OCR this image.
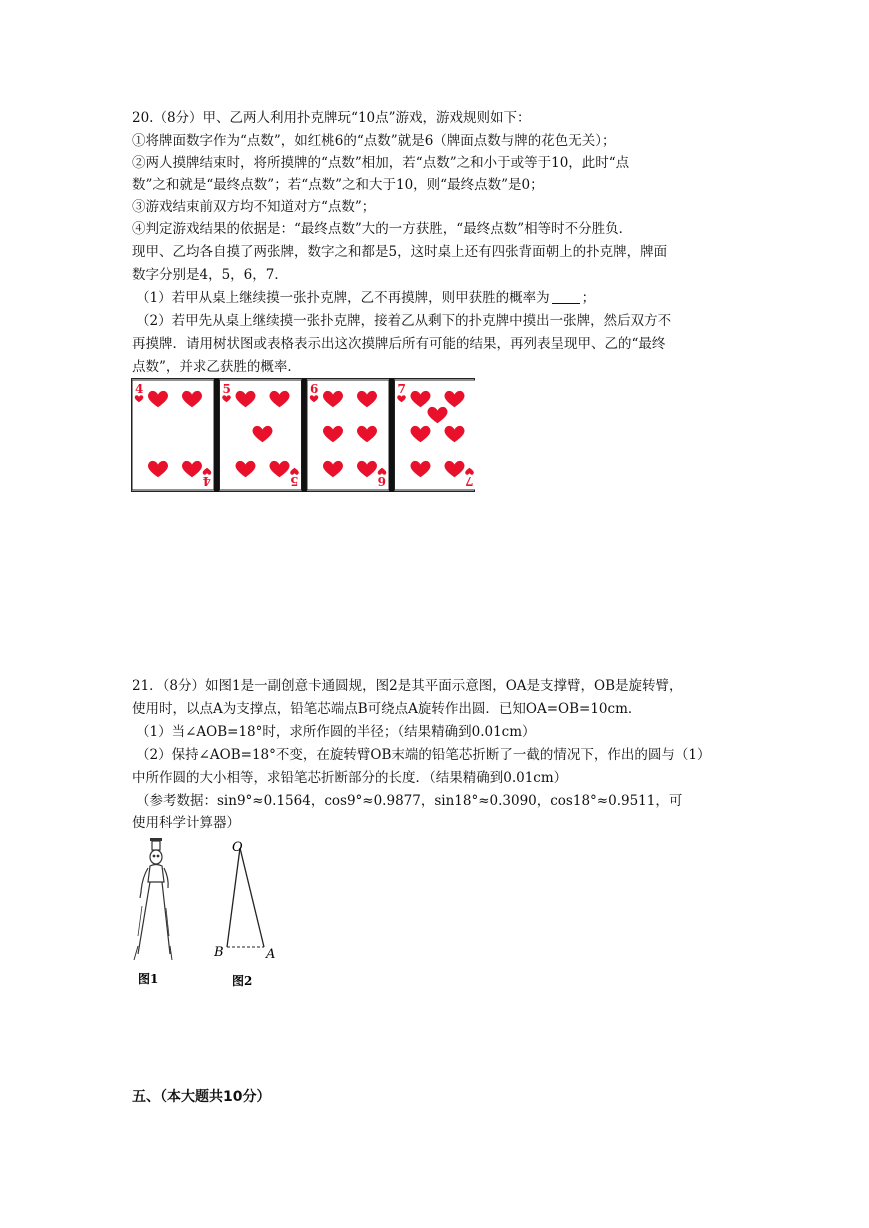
20.（8分）甲、乙两人利用扑克牌玩“10点”游戏，游戏规则如下：
①将牌面数字作为“点数”，如红桃6的“点数”就是6（牌面点数与牌的花色无关）；
②两人摸牌结束时，将所摸牌的“点数”相加，若“点数”之和小于或等于10，此时“点
数”之和就是“最终点数”；若“点数”之和大于10，则“最终点数”是0；
③游戏结束前双方均不知道对方“点数”；
④判定游戏结果的依据是：“最终点数”大的一方获胜，“最终点数”相等时不分胜负．
现甲、乙均各自摸了两张牌，数字之和都是5，这时桌上还有四张背面朝上的扑克牌，牌面
数字分别是4，5，6，7．
（1）若甲从桌上继续摸一张扑克牌，乙不再摸牌，则甲获胜的概率为 ；
（2）若甲先从桌上继续摸一张扑克牌，接着乙从剩下的扑克牌中摸出一张牌，然后双方不
再摸牌．请用树状图或表格表示出这次摸牌后所有可能的结果，再列表呈现甲、乙的“最终
点数”，并求乙获胜的概率．
4
4
5
5
6
6
7
7
21．（8分）如图1是一副创意卡通圆规，图2是其平面示意图，OA是支撑臂，OB是旋转臂，
使用时，以点A为支撑点，铅笔芯端点B可绕点A旋转作出圆．已知OA=OB=10cm．
（1）当∠AOB=18°时，求所作圆的半径；（结果精确到0.01cm）
（2）保持∠AOB=18°不变，在旋转臂OB末端的铅笔芯折断了一截的情况下，作出的圆与（1）
中所作圆的大小相等，求铅笔芯折断部分的长度．（结果精确到0.01cm）
（参考数据：sin9°≈0.1564，cos9°≈0.9877，sin18°≈0.3090，cos18°≈0.9511，可
使用科学计算器）
O
A
B
图1	图2
五、（本大题共10分）
